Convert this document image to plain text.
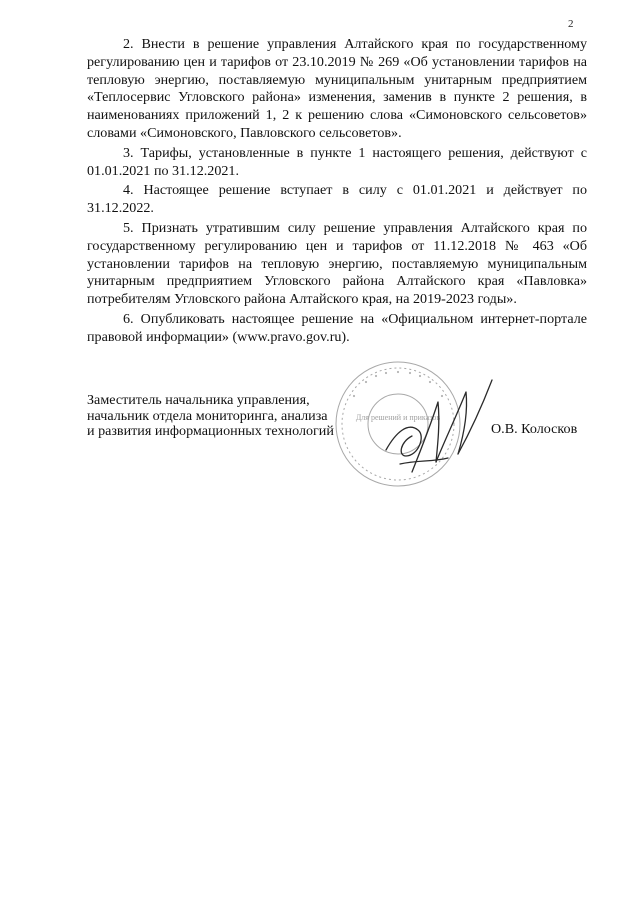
2

2. Внести в решение управления Алтайского края по государственному регулированию цен и тарифов от 23.10.2019 № 269 «Об установлении тарифов на тепловую энергию, поставляемую муниципальным унитарным предприятием «Теплосервис Угловского района» изменения, заменив в пункте 2 решения, в наименованиях приложений 1, 2 к решению слова «Симоновского сельсоветов» словами «Симоновского, Павловского сельсоветов».

3. Тарифы, установленные в пункте 1 настоящего решения, действуют с 01.01.2021 по 31.12.2021.

4. Настоящее решение вступает в силу с 01.01.2021 и действует по 31.12.2022.

5. Признать утратившим силу решение управления Алтайского края по государственному регулированию цен и тарифов от 11.12.2018 № 463 «Об установлении тарифов на тепловую энергию, поставляемую муниципальным унитарным предприятием Угловского района Алтайского края «Павловка» потребителям Угловского района Алтайского края, на 2019-2023 годы».

6. Опубликовать настоящее решение на «Официальном интернет-портале правовой информации» (www.pravo.gov.ru).

Для решений и приказов
Заместитель начальника управления,
начальник отдела мониторинга, анализа
и развития информационных технологий	О.В. Колосков
